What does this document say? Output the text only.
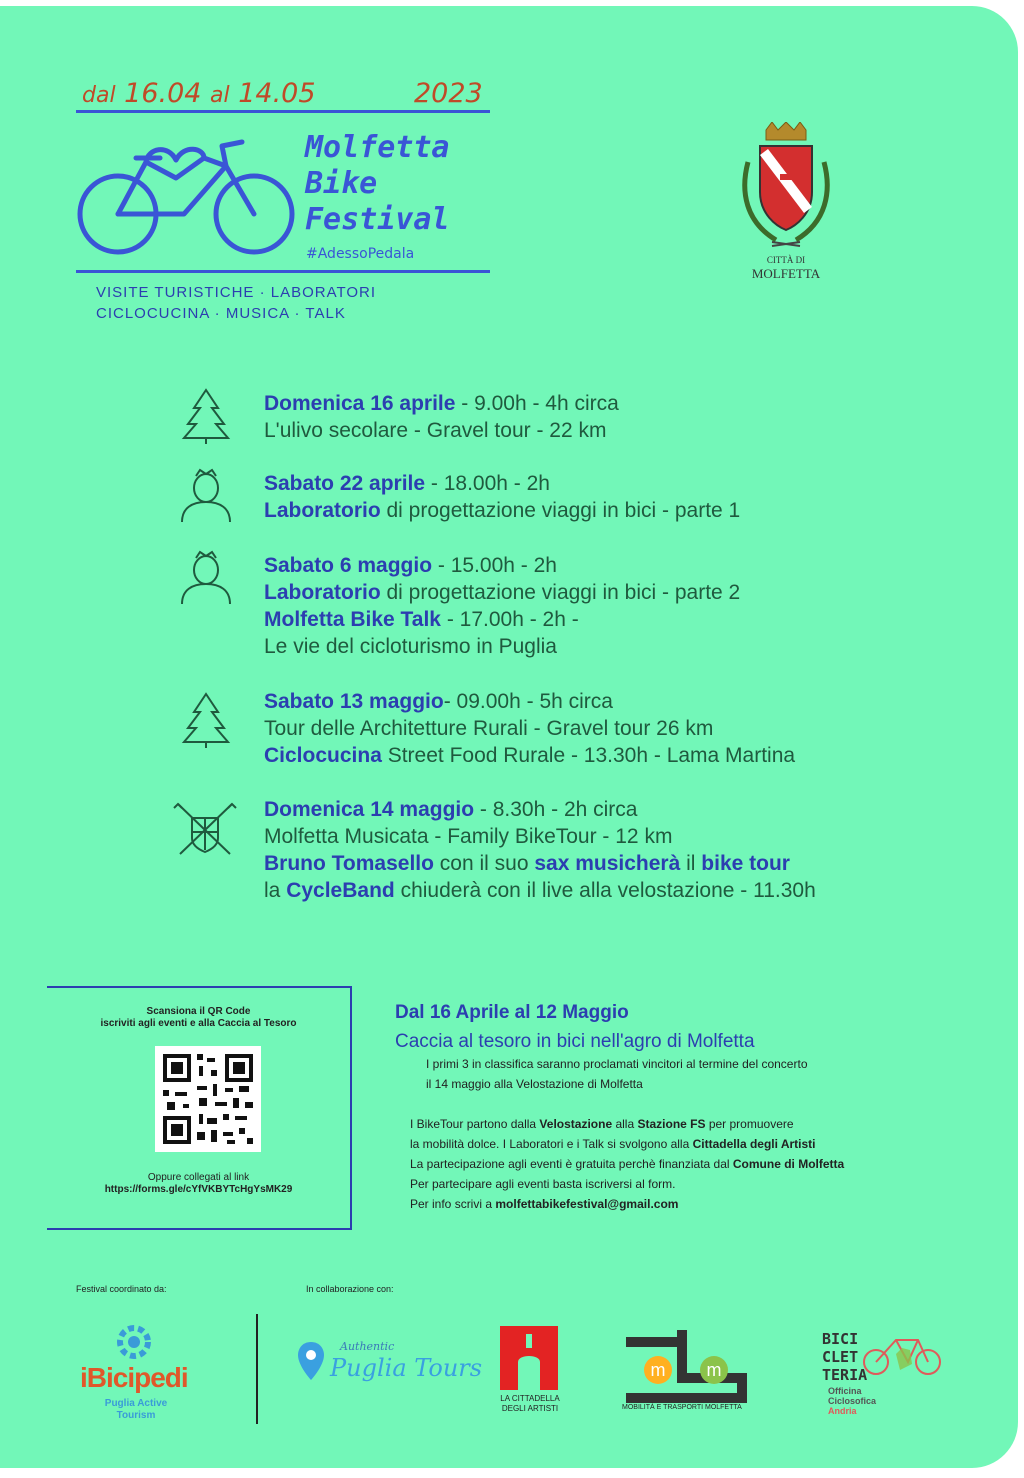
dal 16.04 al 14.05	2023
Molfetta
Bike
Festival
#AdessoPedala
VISITE TURISTICHE · LABORATORI
CICLOCUCINA · MUSICA · TALK
CITTÀ DI
MOLFETTA
Domenica 16 aprile - 9.00h - 4h circa
L'ulivo secolare - Gravel tour - 22 km
Sabato 22 aprile - 18.00h - 2h
Laboratorio di progettazione viaggi in bici - parte 1
Sabato 6 maggio - 15.00h - 2h
Laboratorio di progettazione viaggi in bici - parte 2
Molfetta Bike Talk - 17.00h - 2h -
Le vie del cicloturismo in Puglia
Sabato 13 maggio- 09.00h - 5h circa
Tour delle Architetture Rurali - Gravel tour 26 km
Ciclocucina Street Food Rurale - 13.30h - Lama Martina
Domenica 14 maggio - 8.30h - 2h circa
Molfetta Musicata - Family BikeTour - 12 km
Bruno Tomasello con il suo sax musicherà il bike tour
la CycleBand chiuderà con il live alla velostazione - 11.30h
Scansiona il QR Code
iscriviti agli eventi e alla Caccia al Tesoro
Oppure collegati al link
https://forms.gle/cYfVKBYTcHgYsMK29
Dal 16 Aprile al 12 Maggio
Caccia al tesoro in bici nell'agro di Molfetta
I primi 3 in classifica saranno proclamati vincitori al termine del concerto
il 14 maggio alla Velostazione di Molfetta
I BikeTour partono dalla Velostazione alla Stazione FS per promuovere
la mobilità dolce. I Laboratori e i Talk si svolgono alla Cittadella degli Artisti
La partecipazione agli eventi è gratuita perchè finanziata dal Comune di Molfetta
Per partecipare agli eventi basta iscriversi al form.
Per info scrivi a molfettabikefestival@gmail.com
Festival coordinato da:	In collaborazione con:
iBicipedi
Puglia Active
Tourism
Authentic
Puglia Tours
LA CITTADELLA
DEGLI ARTISTI
m m
MOBILITÀ E TRASPORTI MOLFETTA
BICI
CLET
TERIA
Officina
Ciclosofica
Andria
